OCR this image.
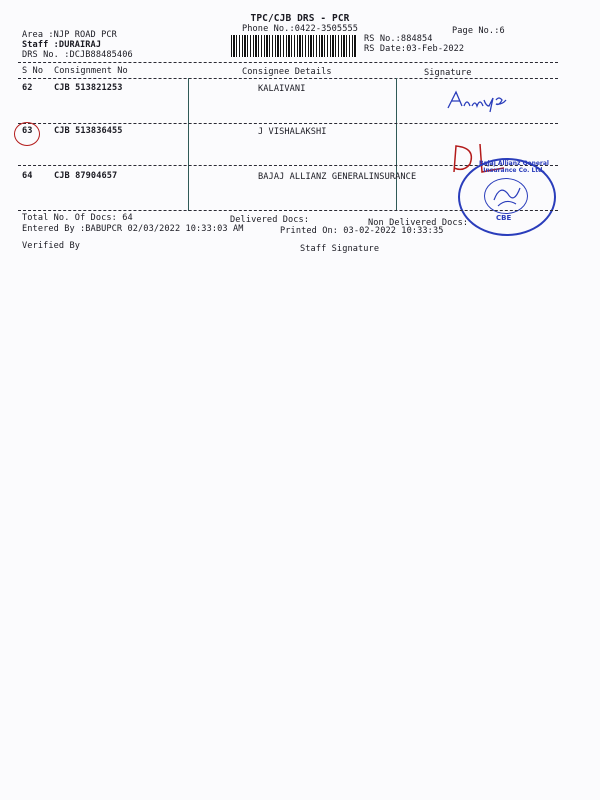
TPC/CJB DRS - PCR
Phone No.:0422-3505555	Page No.:6
Area :NJP ROAD PCR
Staff :DURAIRAJ
DRS No. :DCJB88485406
RS No.:884854
RS Date:03-Feb-2022
S No Consignment No	Consignee Details	Signature
62 CJB 513821253	KALAIVANI
63 CJB 513836455	J VISHALAKSHI
64 CJB 87904657	BAJAJ ALLIANZ GENERALINSURANCE
Bajaj Allianz General Insurance Co. Ltd.
CBE
Total No. Of Docs: 64	Delivered Docs:	Non Delivered Docs:
Entered By :BABUPCR 02/03/2022 10:33:03 AM	Printed On: 03-02-2022 10:33:35
Verified By	Staff Signature
